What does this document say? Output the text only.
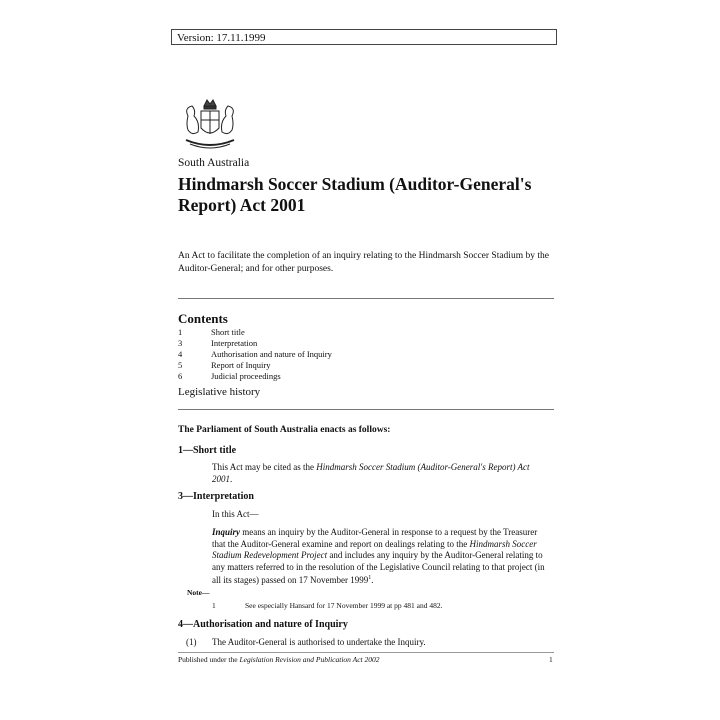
Version: 17.11.1999
South Australia
Hindmarsh Soccer Stadium (Auditor-General's Report) Act 2001
An Act to facilitate the completion of an inquiry relating to the Hindmarsh Soccer Stadium by the Auditor-General; and for other purposes.
Contents
1	Short title
3	Interpretation
4	Authorisation and nature of Inquiry
5	Report of Inquiry
6	Judicial proceedings
Legislative history
The Parliament of South Australia enacts as follows:
1—Short title
This Act may be cited as the Hindmarsh Soccer Stadium (Auditor-General's Report) Act 2001.
3—Interpretation
In this Act—
Inquiry means an inquiry by the Auditor-General in response to a request by the Treasurer that the Auditor-General examine and report on dealings relating to the Hindmarsh Soccer Stadium Redevelopment Project and includes any inquiry by the Auditor-General relating to any matters referred to in the resolution of the Legislative Council relating to that project (in all its stages) passed on 17 November 1999$^1$.
Note—
1	See especially Hansard for 17 November 1999 at pp 481 and 482.
4—Authorisation and nature of Inquiry
(1) The Auditor-General is authorised to undertake the Inquiry.
Published under the Legislation Revision and Publication Act 2002	1
